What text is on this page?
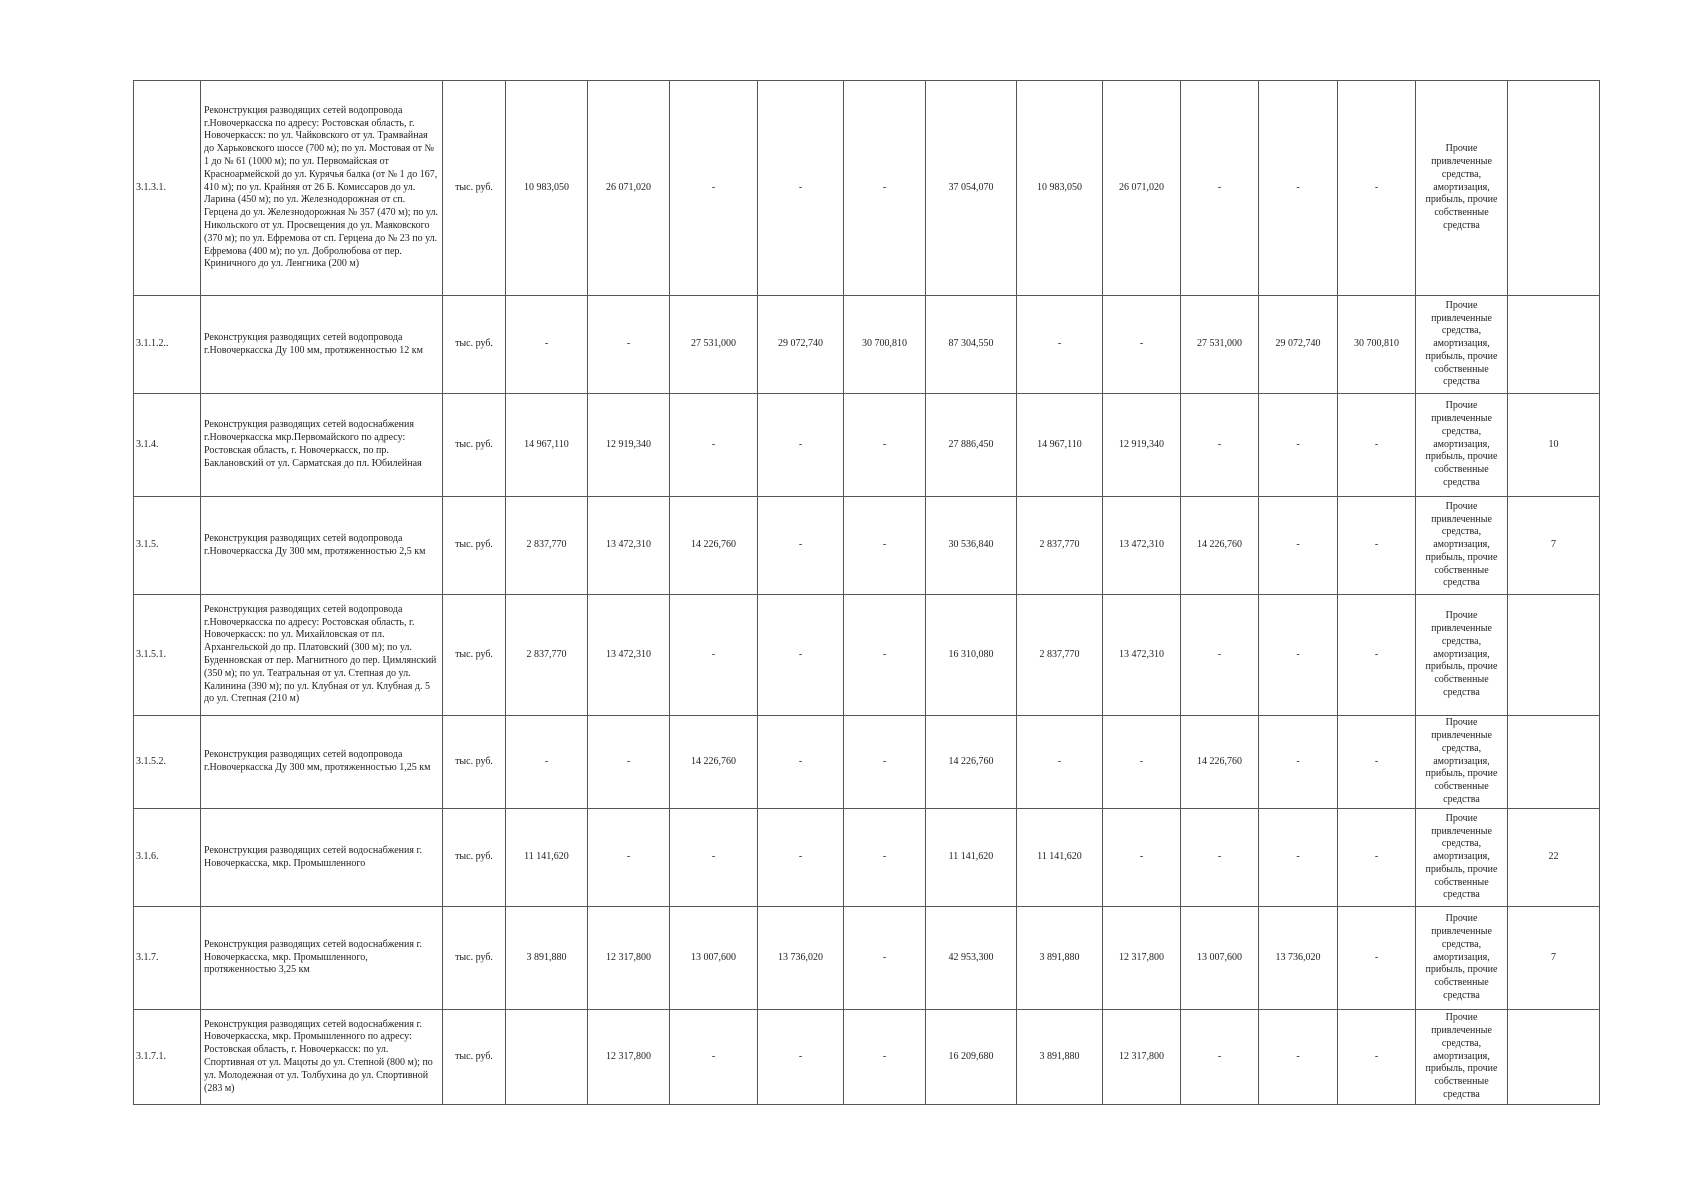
3.1.3.1.	Реконструкция разводящих сетей водопровода г.Новочеркасска по адресу: Ростовская область, г. Новочеркасск: по ул. Чайковского от ул. Трамвайная до Харьковского шоссе (700 м); по ул. Мостовая от № 1 до № 61 (1000 м); по ул. Первомайская от Красноармейской до ул. Курячья балка (от № 1 до 167, 410 м); по ул. Крайняя от 26 Б. Комиссаров до ул. Ларина (450 м); по ул. Железнодорожная от сп. Герцена до ул. Железнодорожная № 357 (470 м); по ул. Никольского от ул. Просвещения до ул. Маяковского (370 м); по ул. Ефремова от сп. Герцена до № 23 по ул. Ефремова (400 м); по ул. Добролюбова от пер. Криничного до ул. Ленгника (200 м)	тыс. руб.	10 983,050	26 071,020	-	-	-	37 054,070	10 983,050	26 071,020	-	-	-	Прочие привлеченные средства, амортизация, прибыль, прочие собственные средства	
3.1.1.2..	Реконструкция разводящих сетей водопровода г.Новочеркасска Ду 100 мм, протяженностью 12 км	тыс. руб.	-	-	27 531,000	29 072,740	30 700,810	87 304,550	-	-	27 531,000	29 072,740	30 700,810	Прочие привлеченные средства, амортизация, прибыль, прочие собственные средства	
3.1.4.	Реконструкция разводящих сетей водоснабжения г.Новочеркасска мкр.Первомайского по адресу: Ростовская область, г. Новочеркасск, по пр. Баклановский от ул. Сарматская до пл. Юбилейная	тыс. руб.	14 967,110	12 919,340	-	-	-	27 886,450	14 967,110	12 919,340	-	-	-	Прочие привлеченные средства, амортизация, прибыль, прочие собственные средства	10
3.1.5.	Реконструкция разводящих сетей водопровода г.Новочеркасска Ду 300 мм, протяженностью 2,5 км	тыс. руб.	2 837,770	13 472,310	14 226,760	-	-	30 536,840	2 837,770	13 472,310	14 226,760	-	-	Прочие привлеченные средства, амортизация, прибыль, прочие собственные средства	7
3.1.5.1.	Реконструкция разводящих сетей водопровода г.Новочеркасска по адресу: Ростовская область, г. Новочеркасск: по ул. Михайловская от пл. Архангельской до пр. Платовский (300 м); по ул. Буденновская от пер. Магнитного до пер. Цимлянский (350 м); по ул. Театральная от ул. Степная до ул. Калинина (390 м); по ул. Клубная от ул. Клубная д. 5 до ул. Степная (210 м)	тыс. руб.	2 837,770	13 472,310	-	-	-	16 310,080	2 837,770	13 472,310	-	-	-	Прочие привлеченные средства, амортизация, прибыль, прочие собственные средства	
3.1.5.2.	Реконструкция разводящих сетей водопровода г.Новочеркасска Ду 300 мм, протяженностью 1,25 км	тыс. руб.	-	-	14 226,760	-	-	14 226,760	-	-	14 226,760	-	-	Прочие привлеченные средства, амортизация, прибыль, прочие собственные средства	
3.1.6.	Реконструкция разводящих сетей водоснабжения г. Новочеркасска, мкр. Промышленного	тыс. руб.	11 141,620	-	-	-	-	11 141,620	11 141,620	-	-	-	-	Прочие привлеченные средства, амортизация, прибыль, прочие собственные средства	22
3.1.7.	Реконструкция разводящих сетей водоснабжения г. Новочеркасска, мкр. Промышленного, протяженностью 3,25 км	тыс. руб.	3 891,880	12 317,800	13 007,600	13 736,020	-	42 953,300	3 891,880	12 317,800	13 007,600	13 736,020	-	Прочие привлеченные средства, амортизация, прибыль, прочие собственные средства	7
3.1.7.1.	Реконструкция разводящих сетей водоснабжения г. Новочеркасска, мкр. Промышленного по адресу: Ростовская область, г. Новочеркасск: по ул. Спортивная от ул. Мацоты до ул. Степной (800 м); по ул. Молодежная от ул. Толбухина до ул. Спортивной (283 м)	тыс. руб.		12 317,800	-	-	-	16 209,680	3 891,880	12 317,800	-	-	-	Прочие привлеченные средства, амортизация, прибыль, прочие собственные средства	
